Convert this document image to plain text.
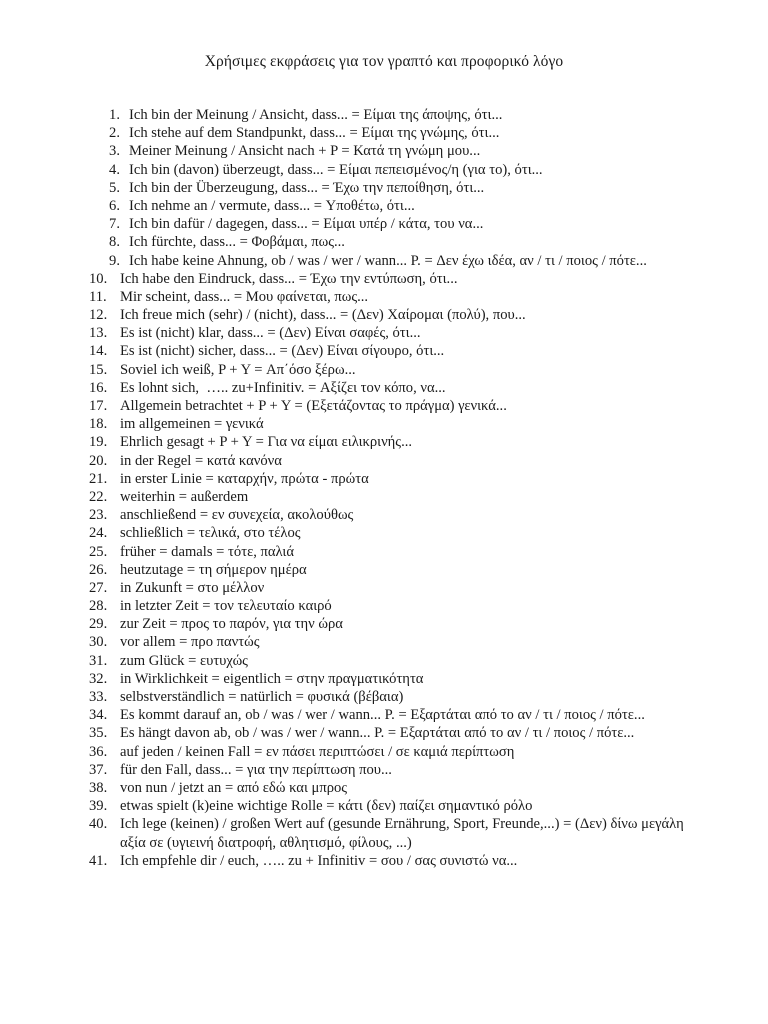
Χρήσιμες εκφράσεις για τον γραπτό και προφορικό λόγο
1. Ich bin der Meinung / Ansicht, dass... = Είμαι της άποψης, ότι...
2. Ich stehe auf dem Standpunkt, dass... = Είμαι της γνώμης, ότι...
3. Meiner Meinung / Ansicht nach + P = Κατά τη γνώμη μου...
4. Ich bin (davon) überzeugt, dass... = Είμαι πεπεισμένος/η (για το), ότι...
5. Ich bin der Überzeugung, dass... = Έχω την πεποίθηση, ότι...
6. Ich nehme an / vermute, dass... = Υποθέτω, ότι...
7. Ich bin dafür / dagegen, dass... = Είμαι υπέρ / κάτα, του να...
8. Ich fürchte, dass... = Φοβάμαι, πως...
9. Ich habe keine Ahnung, ob / was / wer / wann... P. = Δεν έχω ιδέα, αν / τι / ποιος / πότε...
10. Ich habe den Eindruck, dass... = Έχω την εντύπωση, ότι...
11. Mir scheint, dass... = Μου φαίνεται, πως...
12. Ich freue mich (sehr) / (nicht), dass... = (Δεν) Χαίρομαι (πολύ), που...
13. Es ist (nicht) klar, dass... = (Δεν) Είναι σαφές, ότι...
14. Es ist (nicht) sicher, dass... = (Δεν) Είναι σίγουρο, ότι...
15. Soviel ich weiß, P + Y = Απ΄όσο ξέρω...
16. Es lohnt sich,  ….. zu+Infinitiv. = Αξίζει τον κόπο, να...
17. Allgemein betrachtet + P + Y = (Εξετάζοντας το πράγμα) γενικά...
18. im allgemeinen = γενικά
19. Ehrlich gesagt + P + Y = Για να είμαι ειλικρινής...
20. in der Regel = κατά κανόνα
21. in erster Linie = καταρχήν, πρώτα - πρώτα
22. weiterhin = außerdem
23. anschließend = εν συνεχεία, ακολούθως
24. schließlich = τελικά, στο τέλος
25. früher = damals = τότε, παλιά
26. heutzutage = τη σήμερον ημέρα
27. in Zukunft = στο μέλλον
28. in letzter Zeit = τον τελευταίο καιρό
29. zur Zeit = προς το παρόν, για την ώρα
30. vor allem = προ παντώς
31. zum Glück = ευτυχώς
32. in Wirklichkeit = eigentlich = στην πραγματικότητα
33. selbstverständlich = natürlich = φυσικά (βέβαια)
34. Es kommt darauf an, ob / was / wer / wann... P. = Εξαρτάται από το αν / τι / ποιος / πότε...
35. Es hängt davon ab, ob / was / wer / wann... P. = Εξαρτάται από το αν / τι / ποιος / πότε...
36. auf jeden / keinen Fall = εν πάσει περιπτώσει / σε καμιά περίπτωση
37. für den Fall, dass... = για την περίπτωση που...
38. von nun / jetzt an = από εδώ και μπρος
39. etwas spielt (k)eine wichtige Rolle = κάτι (δεν) παίζει σημαντικό ρόλο
40. Ich lege (keinen) / großen Wert auf (gesunde Ernährung, Sport, Freunde,...) = (Δεν) δίνω μεγάλη αξία σε (υγιεινή διατροφή, αθλητισμό, φίλους, ...)
41. Ich empfehle dir / euch, ….. zu + Infinitiv = σου / σας συνιστώ να...
